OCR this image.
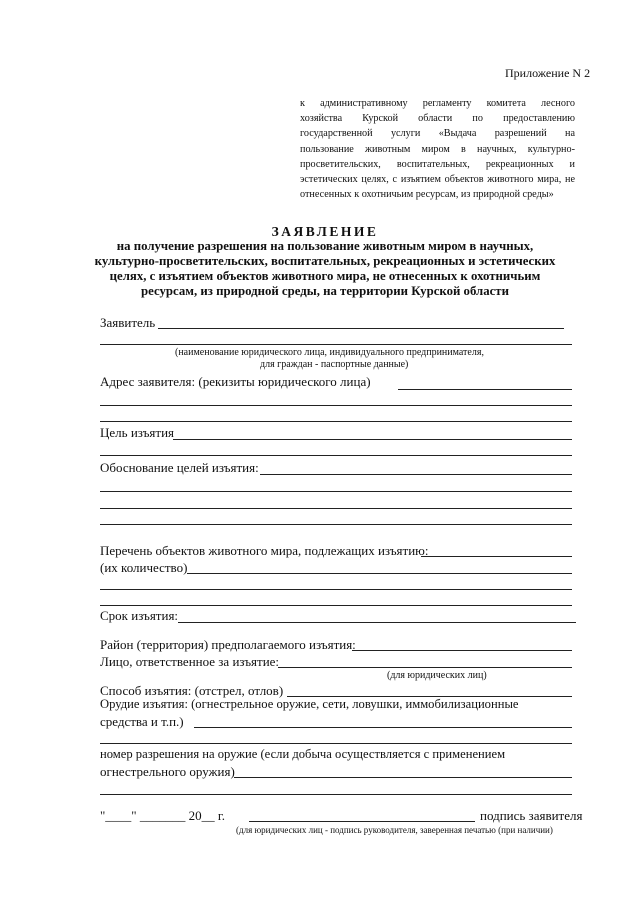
Приложение N 2
к административному регламенту комитета лесного
хозяйства Курской области по предоставлению
государственной услуги «Выдача разрешений на
пользование животным миром в научных, культурно-
просветительских, воспитательных, рекреационных и
эстетических целях, с изъятием объектов животного мира, не
отнесенных к охотничьим ресурсам, из природной среды»
ЗАЯВЛЕНИЕ
на получение разрешения на пользование животным миром в научных,
культурно-просветительских, воспитательных, рекреационных и эстетических
целях, с изъятием объектов животного мира, не отнесенных к охотничьим
ресурсам, из природной среды, на территории Курской области
Заявитель
(наименование юридического лица, индивидуального предпринимателя,
для граждан - паспортные данные)
Адрес заявителя: (рекизиты юридического лица)
Цель изъятия
Обоснование целей изъятия:
Перечень объектов животного мира, подлежащих изъятию:
(их количество)
Срок изъятия:
Район (территория) предполагаемого изъятия:
Лицо, ответственное за изъятие:
(для юридических лиц)
Способ изъятия: (отстрел, отлов)
Орудие изъятия: (огнестрельное оружие, сети, ловушки, иммобилизационные
средства и т.п.)
номер разрешения на оружие (если добыча осуществляется с применением
огнестрельного оружия)
"____" _______ 20__ г.	подпись заявителя
(для юридических лиц - подпись руководителя, заверенная печатью (при наличии)
